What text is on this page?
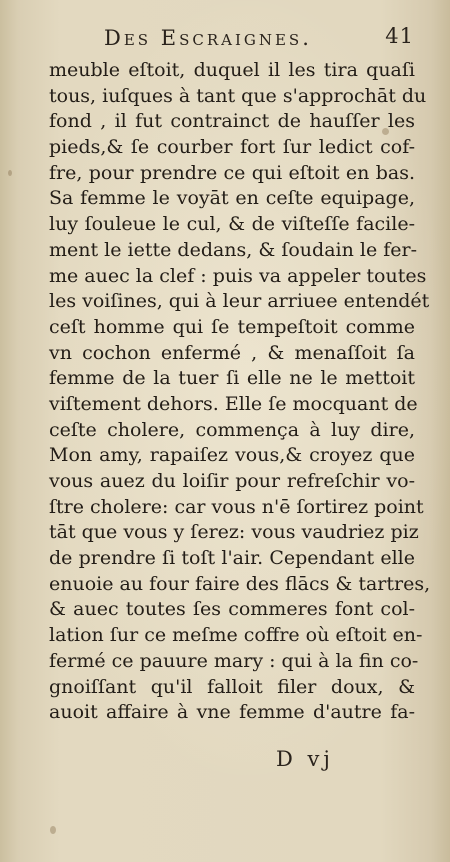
Des Escraignes.	41
meuble eſtoit, duquel il les tira quaſi
tous, iuſques à tant que s'approchāt du
fond , il fut contrainct de hauſſer les
pieds,& ſe courber fort ſur ledict cof-
fre, pour prendre ce qui eſtoit en bas.
Sa femme le voyāt en ceſte equipage,
luy ſouleue le cul, & de viſteſſe facile-
ment le iette dedans, & ſoudain le fer-
me auec la clef : puis va appeler toutes
les voiſines, qui à leur arriuee entendét
ceſt homme qui ſe tempeſtoit comme
vn cochon enfermé , & menaſſoit ſa
femme de la tuer ſi elle ne le mettoit
viſtement dehors. Elle ſe mocquant de
ceſte cholere, commença à luy dire,
Mon amy, rapaiſez vous,& croyez que
vous auez du loiſir pour refreſchir vo-
ſtre cholere: car vous n'ē ſortirez point
tāt que vous y ſerez: vous vaudriez piz
de prendre ſi toſt l'air. Cependant elle
enuoie au four faire des flācs & tartres,
& auec toutes ſes commeres font col-
lation ſur ce meſme coffre où eſtoit en-
fermé ce pauure mary : qui à la fin co-
gnoiſſant qu'il falloit filer doux, &
auoit affaire à vne femme d'autre fa-
D vj
